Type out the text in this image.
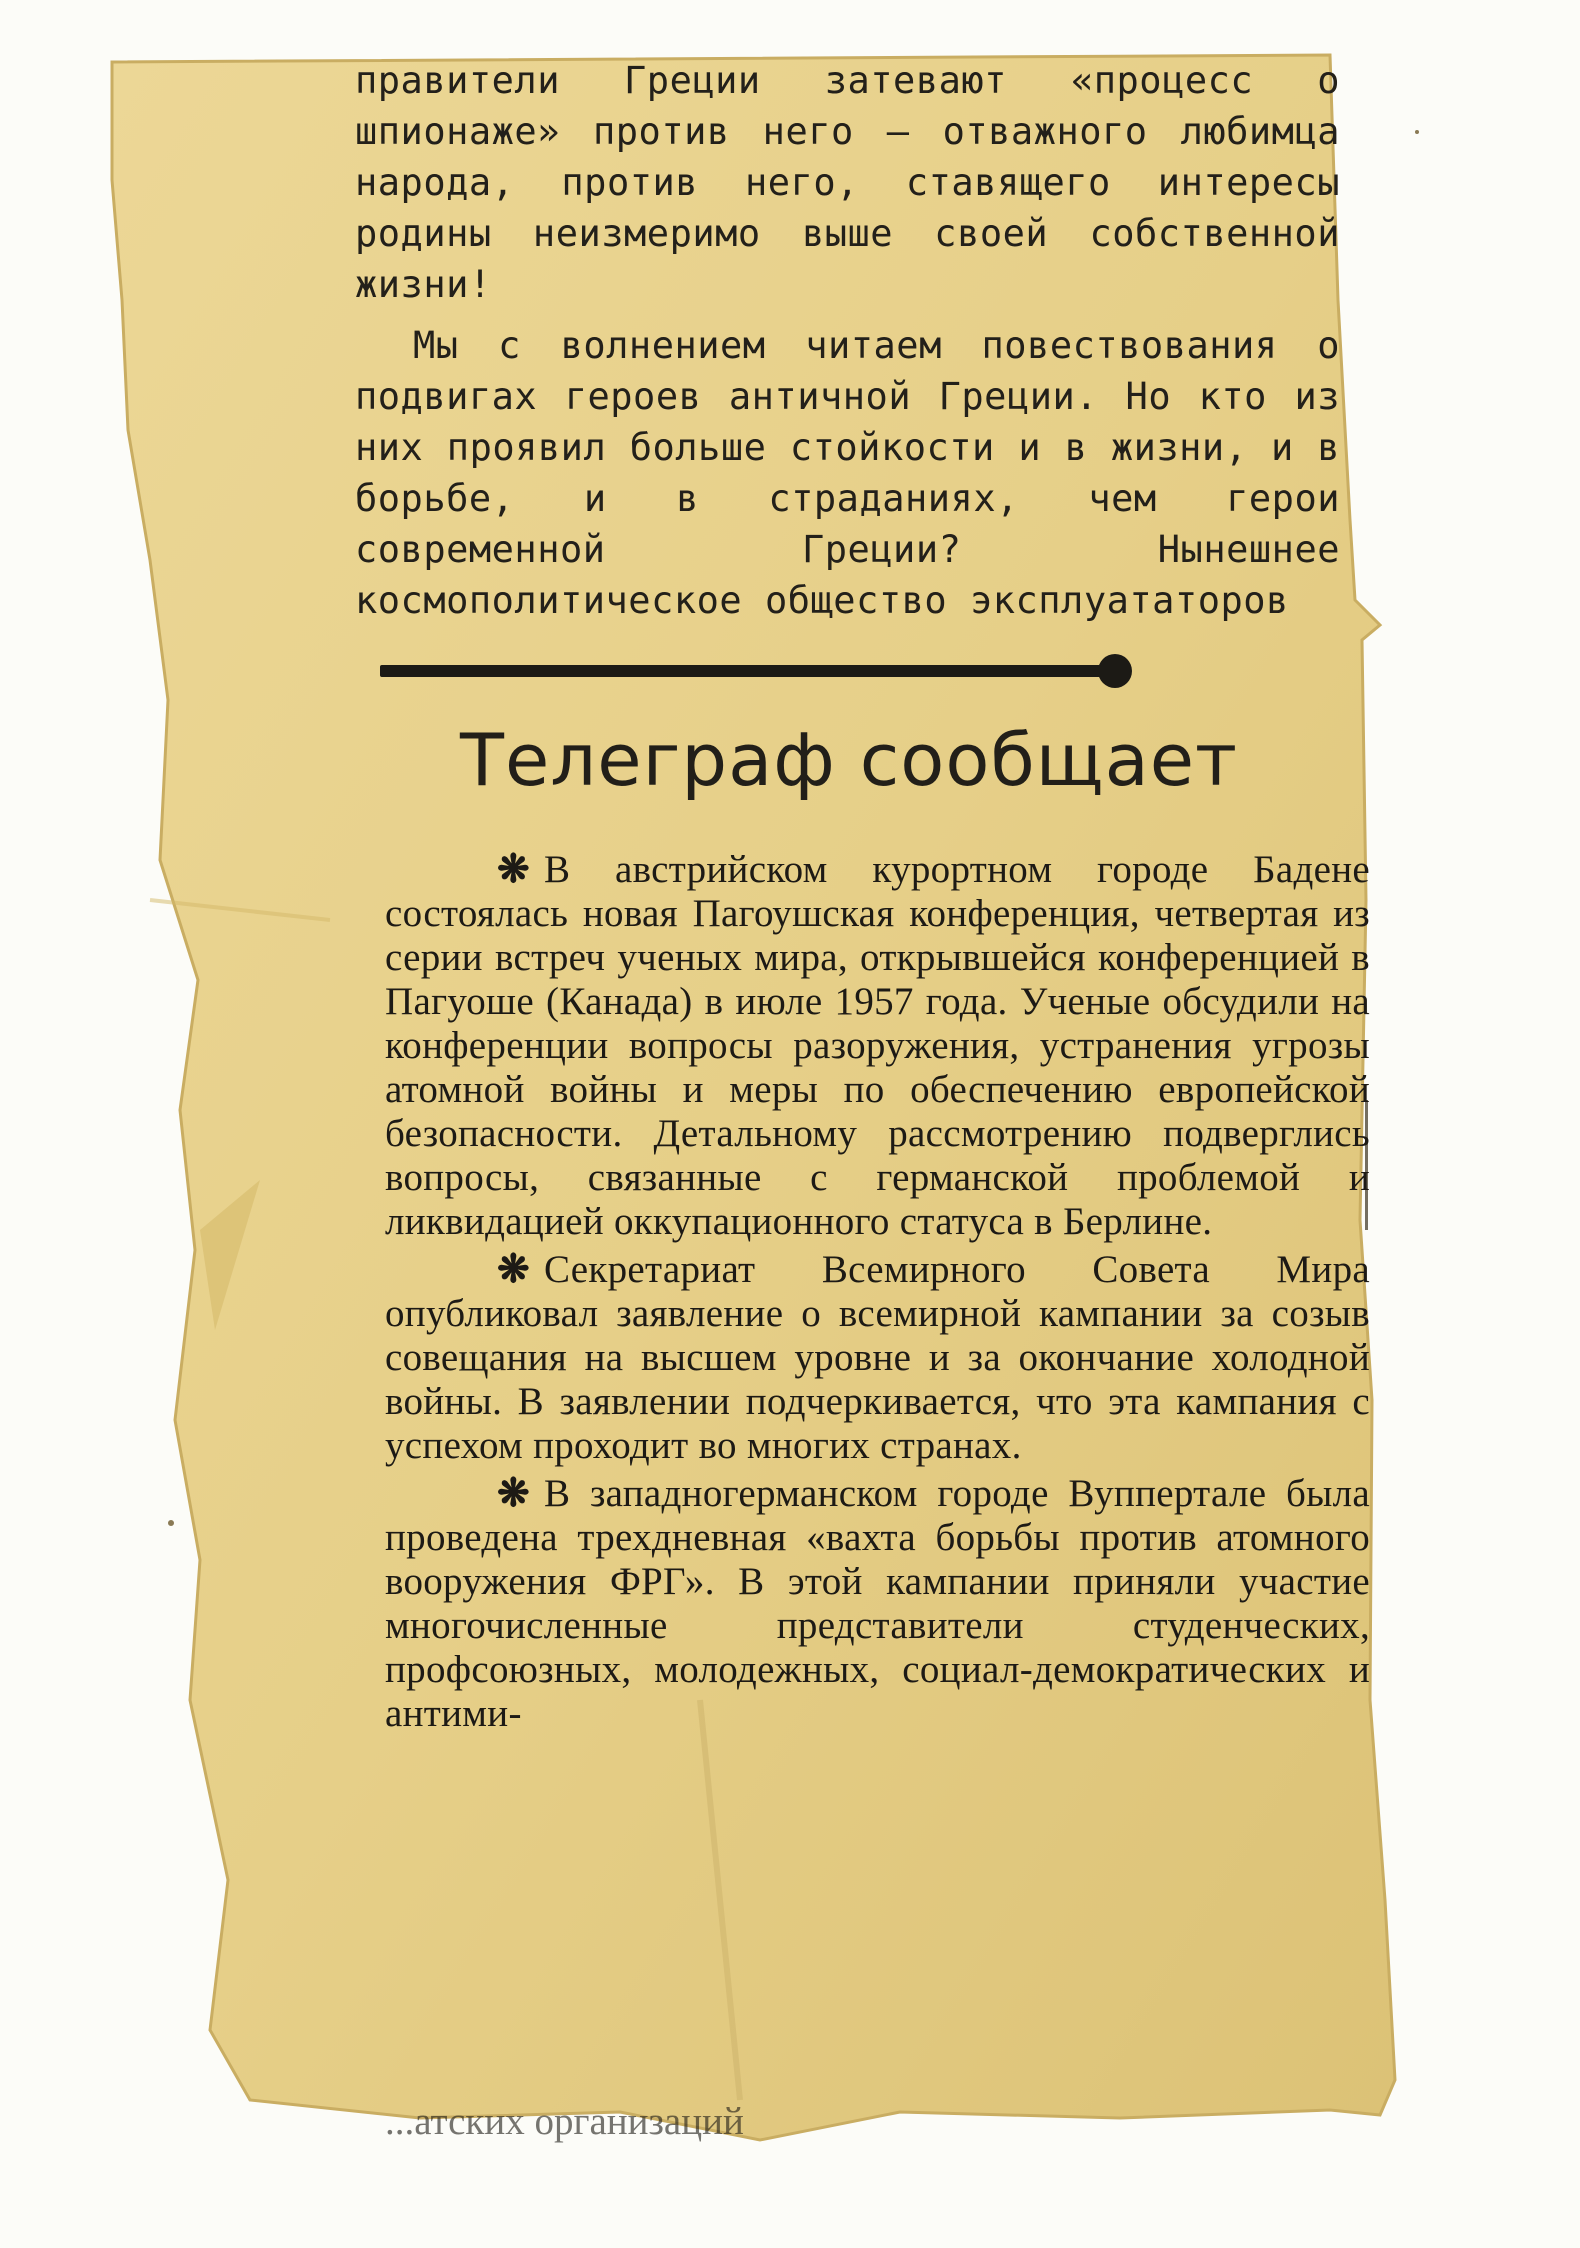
правители Греции затевают «процесс о шпионаже» против него — отважного любимца народа, против него, ставящего интересы родины неизмеримо выше своей собственной жизни!

Мы с волнением читаем повествования о подвигах героев античной Греции. Но кто из них проявил больше стойкости и в жизни, и в борьбе, и в страданиях, чем герои современной Греции? Нынешнее космополитическое общество эксплуататоров

Телеграф сообщает

❋ В австрийском курортном городе Бадене состоялась новая Пагоушская конференция, четвертая из серии встреч ученых мира, открывшейся конференцией в Пагуоше (Канада) в июле 1957 года. Ученые обсудили на конференции вопросы разоружения, устранения угрозы атомной войны и меры по обеспечению европейской безопасности. Детальному рассмотрению подверглись вопросы, связанные с германской проблемой и ликвидацией оккупационного статуса в Берлине.

❋ Секретариат Всемирного Совета Мира опубликовал заявление о всемирной кампании за созыв совещания на высшем уровне и за окончание холодной войны. В заявлении подчеркивается, что эта кампания с успехом проходит во многих странах.

❋ В западногерманском городе Вуппертале была проведена трехдневная «вахта борьбы против атомного вооружения ФРГ». В этой кампании приняли участие многочисленные представители студенческих, профсоюзных, молодежных, социал-демократических и антими-

...атских организаций
